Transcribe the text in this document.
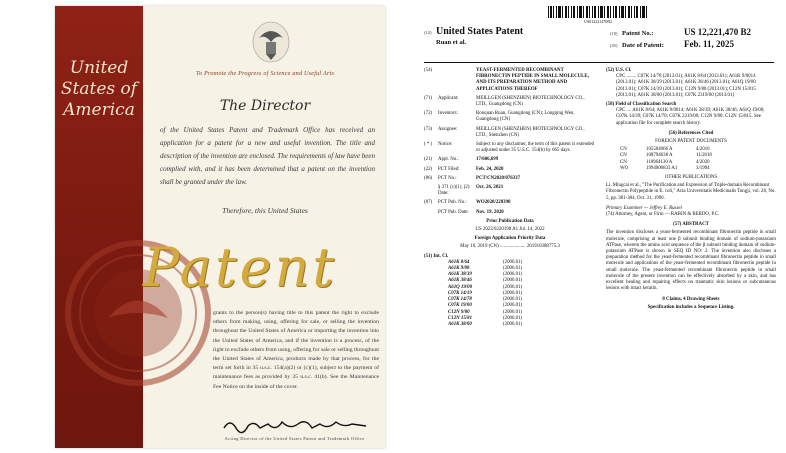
United States of America
To Promote the Progress of Science and Useful Arts
The Director
of the United States Patent and Trademark Office has received an application for a patent for a new and useful invention. The title and description of the invention are enclosed. The requirements of law have been complied with, and it has been determined that a patent on the invention shall be granted under the law.
Therefore, this United States
Patent
grants to the person(s) having title to this patent the right to exclude others from making, using, offering for sale, or selling the invention throughout the United States of America or importing the invention into the United States of America, and if the invention is a process, of the right to exclude others from using, offering for sale or selling throughout the United States of America, products made by that process, for the term set forth in 35 u.s.c. 154(a)(2) or (c)(1), subject to the payment of maintenance fees as provided by 35 u.s.c. 41(b). See the Maintenance Fee Notice on the inside of the cover.
Acting Director of the United States Patent and Trademark Office
US012221470B2
(12) United States Patent
Ruan et al.
(10) Patent No.:	US 12,221,470 B2
(45) Date of Patent:	Feb. 11, 2025
(54)	YEAST-FERMENTED RECOMBINANT FIBRONECTIN PEPTIDE IN SMALL MOLECULE, AND ITS PREPARATION METHOD AND APPLICATIONS THEREOF
(71)	Applicant:	MEILLGEN (SHENZHEN) BIOTECHNOLOGY CO., LTD., Guangdong (CN)
(72)	Inventors:	Ronquan Ruan, Guangdong (CN); Longqing Wen, Guangdong (CN)
(73)	Assignee:	MEILLGEN (SHENZHEN) BIOTECHNOLOGY CO., LTD., Shenzhen (CN)
( * )	Notice:	Subject to any disclaimer, the term of this patent is extended or adjusted under 35 U.S.C. 154(b) by 665 days.
(21)	Appl. No.:	17/606,699
(22)	PCT Filed:	Feb. 24, 2020
(86)	PCT No.:	PCT/CN2020/076337
§ 371 (c)(1), (2) Date:
Oct. 26, 2021
(87)	PCT Pub. No.:	WO2020/228390
PCT Pub. Date:	Nov. 19, 2020
Prior Publication Data
US 2022/0220190 A1 Jul. 14, 2022
Foreign Application Priority Data
May 10, 2019 (CN) ..................... 201910388775.3
(51) Int. Cl.
A61K 8/64	(2006.01)
A61K 9/00	(2006.01)
A61K 38/39	(2006.01)
A61K 38/46	(2006.01)
A61Q 19/00	(2006.01)
C07K 14/19	(2006.01)
C07K 14/78	(2006.01)
C07K 19/00	(2006.01)
C12N 9/80	(2006.01)
C12N 15/81	(2006.01)
A61K 38/00	(2006.01)
(52) U.S. Cl.
CPC ........ C07K 14/78 (2013.01); A61K 8/64 (2013.01); A61K 9/0014 (2013.01); A61K 38/39 (2013.01); A61K 38/46 (2013.01); A61Q 19/00 (2013.01); C07K 14/39 (2013.01); C12N 9/80 (2013.01); C12N 15/815 (2013.01); A61K 38/00 (2013.01); C07K 2319/00 (2013.01)
(58) Field of Classification Search
CPC .... A61K 8/64; A61K 9/0014; A61K 38/39; A61K 38/46; A61Q 19/00; C07K 14/39; C07K 14/78; C07K 2319/00; C12N 9/80; C12N 15/815. See application file for complete search history.
(56) References Cited
FOREIGN PATENT DOCUMENTS
CN	105504066 A	4/2016
CN	108794638 A	11/2018
CN	110964130 A	4/2020
WO	1994006833 A1	3/1994
OTHER PUBLICATIONS
Li, Mingcai et al., "The Purification and Expression of Triple-domain Recombinant Fibronectin Polypeptide in E. coli," Acta Universitatis Medicinalis Tongji, vol. 28, No. 5, pp. 381-384, Oct. 31, 1990.
Primary Examiner — Jeffrey E. Russel
(74) Attorney, Agent, or Firm — RABIN & BERDO, P.C.
(57) ABSTRACT
The invention discloses a yeast-fermented recombinant fibronectin peptide in small molecule, comprising at least one β subunit binding domain of sodium-potassium ATPase, wherein the amino acid sequence of the β subunit binding domain of sodium-potassium ATPase is shown in SEQ ID NO: 2. The invention also discloses a preparation method for the yeast-fermented recombinant fibronectin peptide in small molecule and applications of the yeast-fermented recombinant fibronectin peptide in small molecule. The yeast-fermented recombinant fibronectin peptide in small molecule of the present invention can be effectively absorbed by a skin, and has excellent healing and repairing effects on traumatic skin lesions or subcutaneous lesions with intact keratin.
8 Claims, 4 Drawing Sheets
Specification includes a Sequence Listing.
